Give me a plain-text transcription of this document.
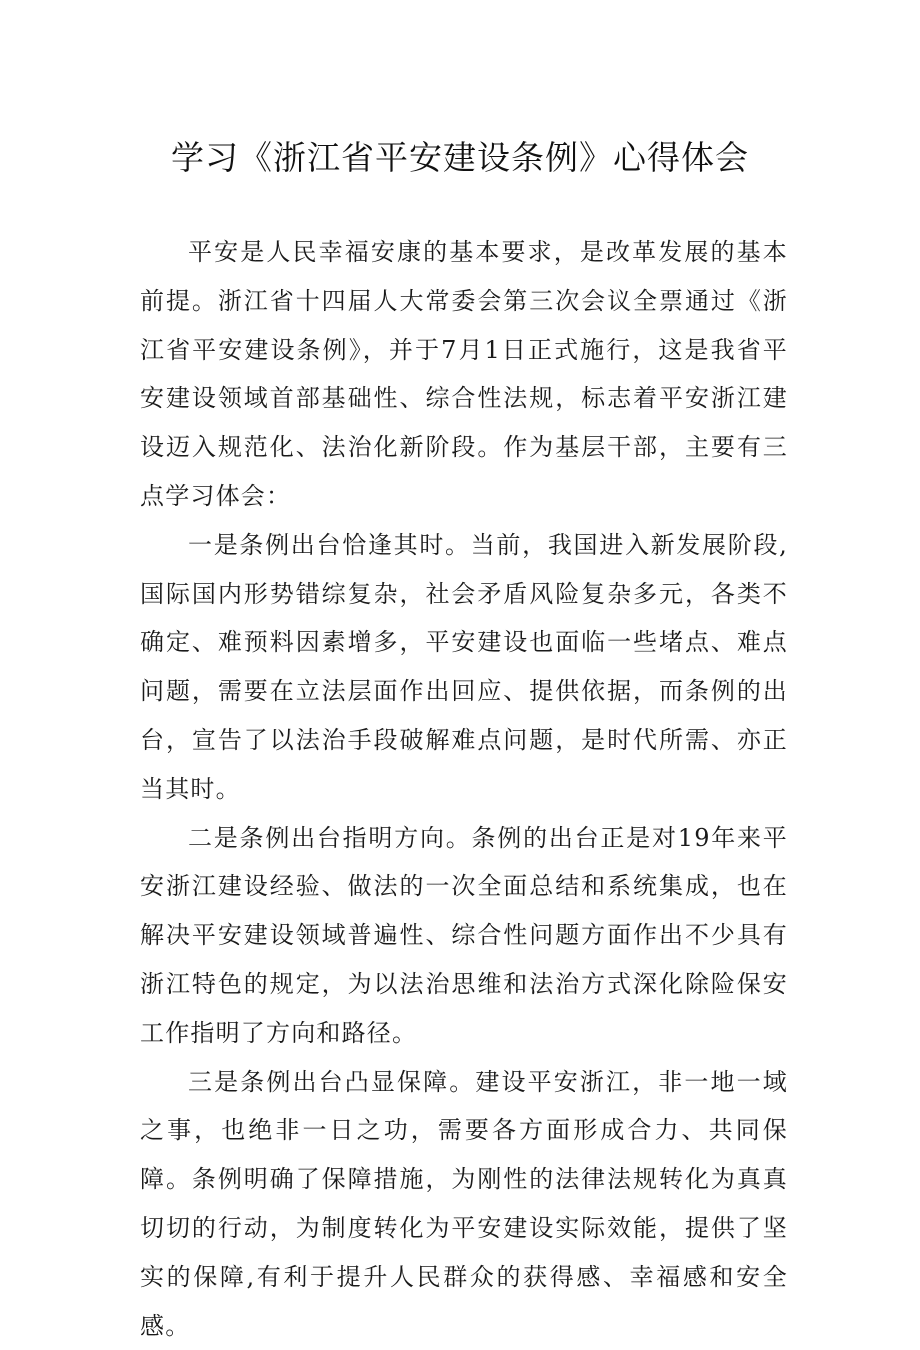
学习《浙江省平安建设条例》心得体会

平安是人民幸福安康的基本要求，是改革发展的基本前提。浙江省十四届人大常委会第三次会议全票通过《浙江省平安建设条例》，并于7月1日正式施行，这是我省平安建设领域首部基础性、综合性法规，标志着平安浙江建设迈入规范化、法治化新阶段。作为基层干部，主要有三点学习体会：

一是条例出台恰逢其时。当前，我国进入新发展阶段,国际国内形势错综复杂，社会矛盾风险复杂多元，各类不确定、难预料因素增多，平安建设也面临一些堵点、难点问题，需要在立法层面作出回应、提供依据，而条例的出台，宣告了以法治手段破解难点问题，是时代所需、亦正当其时。

二是条例出台指明方向。条例的出台正是对19年来平安浙江建设经验、做法的一次全面总结和系统集成，也在解决平安建设领域普遍性、综合性问题方面作出不少具有浙江特色的规定，为以法治思维和法治方式深化除险保安工作指明了方向和路径。

三是条例出台凸显保障。建设平安浙江，非一地一域之事，也绝非一日之功，需要各方面形成合力、共同保障。条例明确了保障措施，为刚性的法律法规转化为真真切切的行动，为制度转化为平安建设实际效能，提供了坚实的保障,有利于提升人民群众的获得感、幸福感和安全感。
